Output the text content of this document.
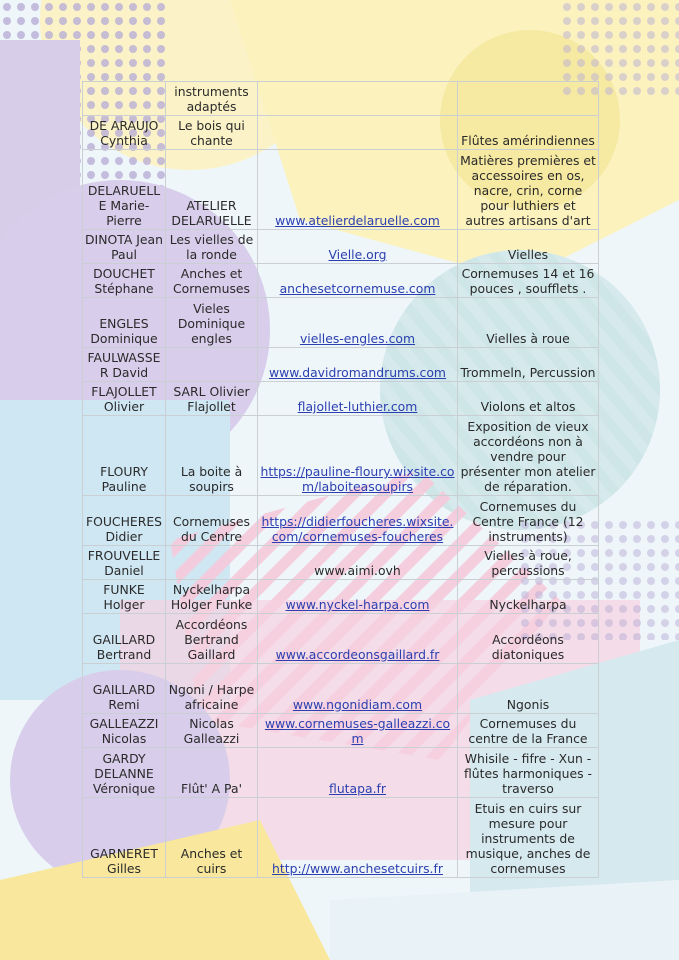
	instruments adaptés		
DE ARAUJO Cynthia	Le bois qui chante		Flûtes amérindiennes
DELARUELLE Marie-Pierre	ATELIER DELARUELLE	www.atelierdelaruelle.com	Matières premières et accessoires en os, nacre, crin, corne pour luthiers et autres artisans d'art
DINOTA Jean Paul	Les vielles de la ronde	Vielle.org	Vielles
DOUCHET Stéphane	Anches et Cornemuses	anchesetcornemuse.com	Cornemuses 14 et 16 pouces , soufflets .
ENGLES Dominique	Vieles Dominique engles	vielles-engles.com	Vielles à roue
FAULWASSER David		www.davidromandrums.com	Trommeln, Percussion
FLAJOLLET Olivier	SARL Olivier Flajollet	flajollet-luthier.com	Violons et altos
FLOURY Pauline	La boite à soupirs	https://pauline-floury.wixsite.com/laboiteasoupirs	Exposition de vieux accordéons non à vendre pour présenter mon atelier de réparation.
FOUCHERES Didier	Cornemuses du Centre	https://didierfoucheres.wixsite.com/cornemuses-foucheres	Cornemuses du Centre France (12 instruments)
FROUVELLE Daniel		www.aimi.ovh	Vielles à roue, percussions
FUNKE Holger	Nyckelharpa Holger Funke	www.nyckel-harpa.com	Nyckelharpa
GAILLARD Bertrand	Accordéons Bertrand Gaillard	www.accordeonsgaillard.fr	Accordéons diatoniques
GAILLARD Remi	Ngoni / Harpe africaine	www.ngonidiam.com	Ngonis
GALLEAZZI Nicolas	Nicolas Galleazzi	www.cornemuses-galleazzi.com	Cornemuses du centre de la France
GARDY DELANNE Véronique	Flût' A Pa'	flutapa.fr	Whisile - fifre - Xun - flûtes harmoniques - traverso
GARNERET Gilles	Anches et cuirs	http://www.anchesetcuirs.fr	Etuis en cuirs sur mesure pour instruments de musique, anches de cornemuses
